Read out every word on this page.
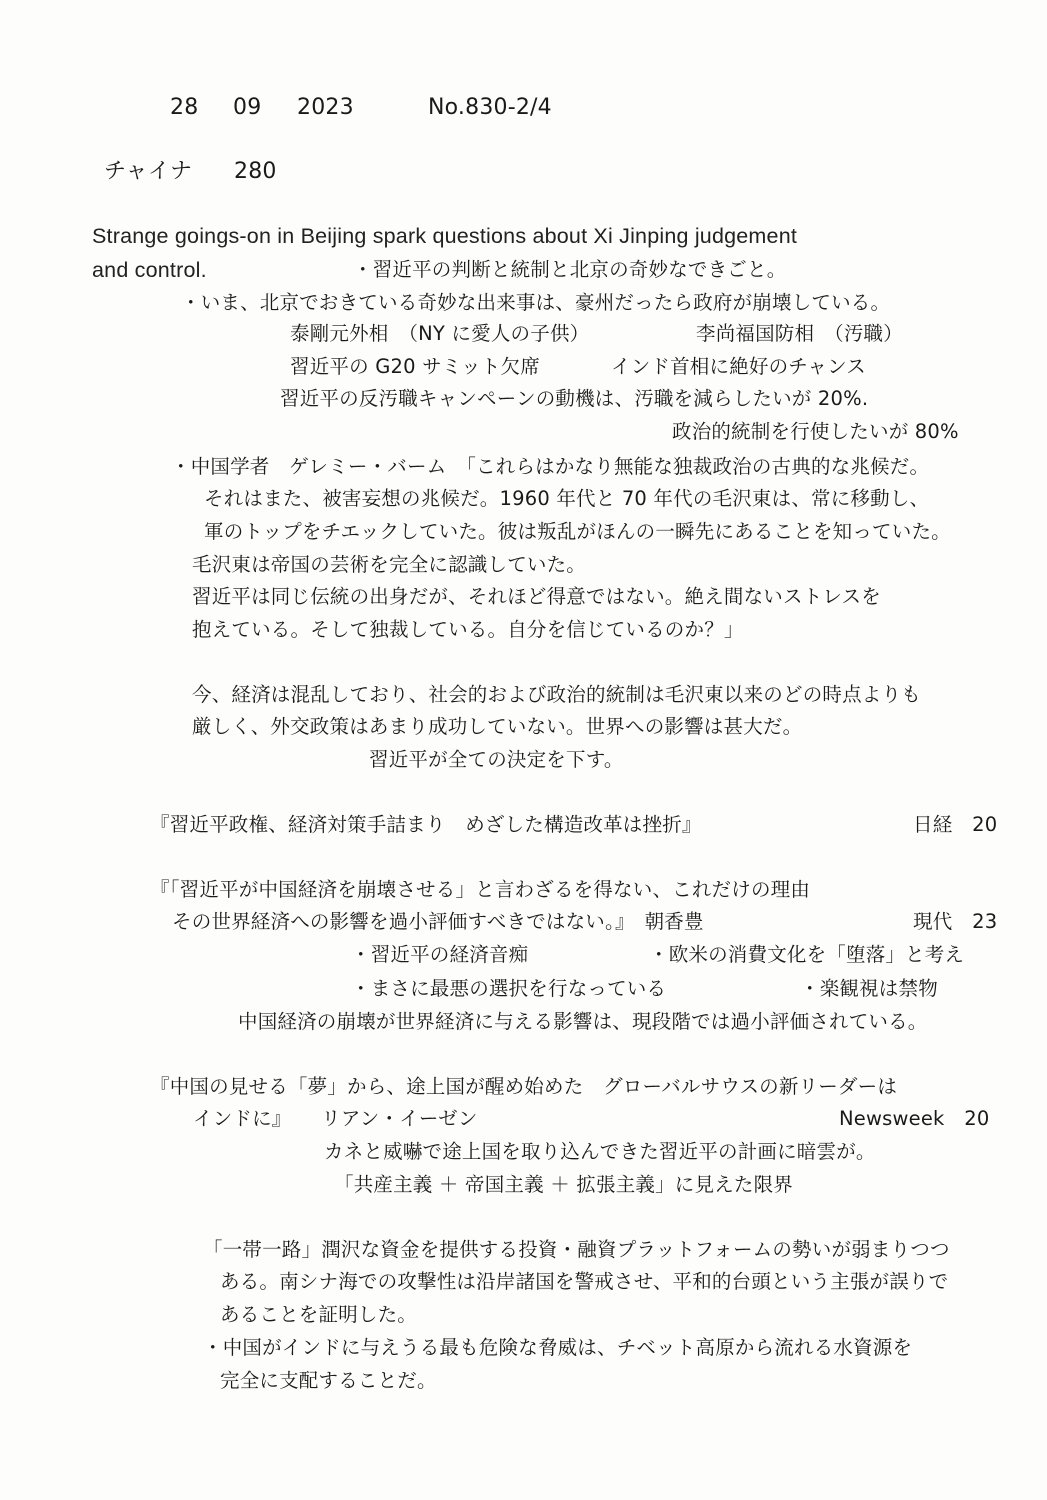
28 09 2023	No.830-2/4
チャイナ 280
Strange goings-on in Beijing spark questions about Xi Jinping judgement
and control.	・習近平の判断と統制と北京の奇妙なできごと。
・いま、北京でおきている奇妙な出来事は、豪州だったら政府が崩壊している。
泰剛元外相　（NY に愛人の子供）	李尚福国防相　（汚職）
習近平の G20 サミット欠席	インド首相に絶好のチャンス
習近平の反汚職キャンペーンの動機は、汚職を減らしたいが 20%.
政治的統制を行使したいが 80%
・中国学者　ゲレミー・バーム　「これらはかなり無能な独裁政治の古典的な兆候だ。
それはまた、被害妄想の兆候だ。1960 年代と 70 年代の毛沢東は、常に移動し、
軍のトップをチエックしていた。彼は叛乱がほんの一瞬先にあることを知っていた。
毛沢東は帝国の芸術を完全に認識していた。
習近平は同じ伝統の出身だが、それほど得意ではない。絶え間ないストレスを
抱えている。そして独裁している。自分を信じているのか？」
今、経済は混乱しており、社会的および政治的統制は毛沢東以来のどの時点よりも
厳しく、外交政策はあまり成功していない。世界への影響は甚大だ。
習近平が全ての決定を下す。
『習近平政権、経済対策手詰まり　めざした構造改革は挫折』	日経　20
『「習近平が中国経済を崩壊させる」と言わざるを得ない、これだけの理由
その世界経済への影響を過小評価すべきではない。』　朝香豊	現代　23
・習近平の経済音痴	・欧米の消費文化を「堕落」と考え
・まさに最悪の選択を行なっている	・楽観視は禁物
中国経済の崩壊が世界経済に与える影響は、現段階では過小評価されている。
『中国の見せる「夢」から、途上国が醒め始めた　グローバルサウスの新リーダーは
インドに』　　リアン・イーゼン	Newsweek　20
カネと威嚇で途上国を取り込んできた習近平の計画に暗雲が。
「共産主義 ＋ 帝国主義 ＋ 拡張主義」に見えた限界
「一帯一路」潤沢な資金を提供する投資・融資プラットフォームの勢いが弱まりつつ
ある。南シナ海での攻撃性は沿岸諸国を警戒させ、平和的台頭という主張が誤りで
あることを証明した。
・中国がインドに与えうる最も危険な脅威は、チベット高原から流れる水資源を
完全に支配することだ。
